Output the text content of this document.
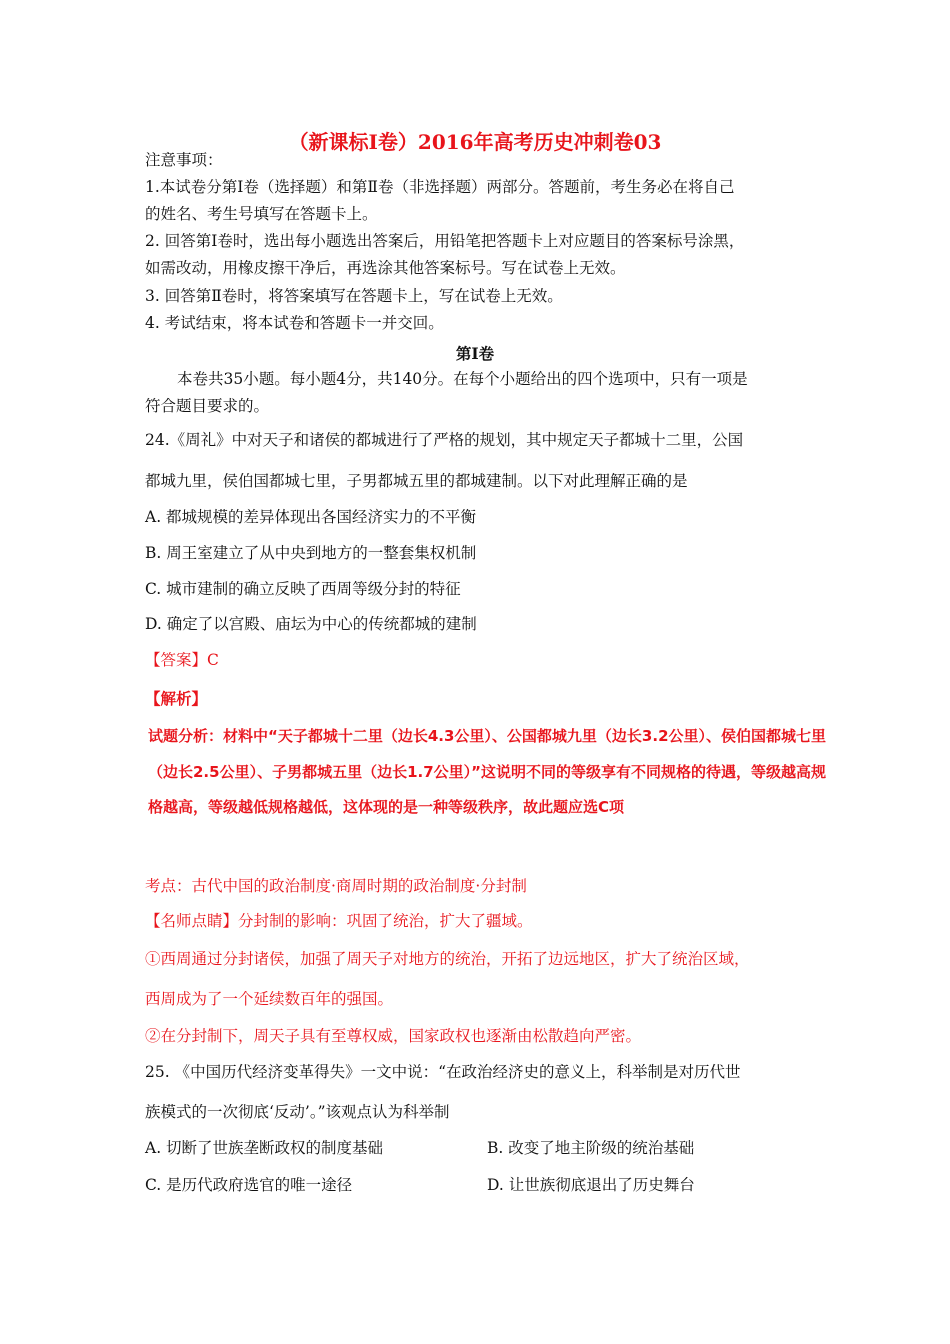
（新课标Ⅰ卷）2016年高考历史冲刺卷03
注意事项：
1.本试卷分第Ⅰ卷（选择题）和第Ⅱ卷（非选择题）两部分。答题前，考生务必在将自己
的姓名、考生号填写在答题卡上。
2. 回答第Ⅰ卷时，选出每小题选出答案后，用铅笔把答题卡上对应题目的答案标号涂黑，
如需改动，用橡皮擦干净后，再选涂其他答案标号。写在试卷上无效。
3. 回答第Ⅱ卷时，将答案填写在答题卡上，写在试卷上无效。
4. 考试结束，将本试卷和答题卡一并交回。
第Ⅰ卷
本卷共35小题。每小题4分，共140分。在每个小题给出的四个选项中，只有一项是
符合题目要求的。
24.《周礼》中对天子和诸侯的都城进行了严格的规划，其中规定天子都城十二里，公国
都城九里，侯伯国都城七里，子男都城五里的都城建制。以下对此理解正确的是
A. 都城规模的差异体现出各国经济实力的不平衡
B. 周王室建立了从中央到地方的一整套集权机制
C. 城市建制的确立反映了西周等级分封的特征
D. 确定了以宫殿、庙坛为中心的传统都城的建制
【答案】C
【解析】
试题分析：材料中“天子都城十二里（边长4.3公里）、公国都城九里（边长3.2公里）、侯伯国都城七里
（边长2.5公里）、子男都城五里（边长1.7公里）”这说明不同的等级享有不同规格的待遇，等级越高规
格越高，等级越低规格越低，这体现的是一种等级秩序，故此题应选C项
考点：古代中国的政治制度·商周时期的政治制度·分封制
【名师点睛】分封制的影响：巩固了统治，扩大了疆域。
①西周通过分封诸侯，加强了周天子对地方的统治，开拓了边远地区，扩大了统治区域，
西周成为了一个延续数百年的强国。
②在分封制下，周天子具有至尊权威，国家政权也逐渐由松散趋向严密。
25. 《中国历代经济变革得失》一文中说：“在政治经济史的意义上，科举制是对历代世
族模式的一次彻底‘反动’。”该观点认为科举制
A. 切断了世族垄断政权的制度基础	B. 改变了地主阶级的统治基础
C. 是历代政府选官的唯一途径	D. 让世族彻底退出了历史舞台
